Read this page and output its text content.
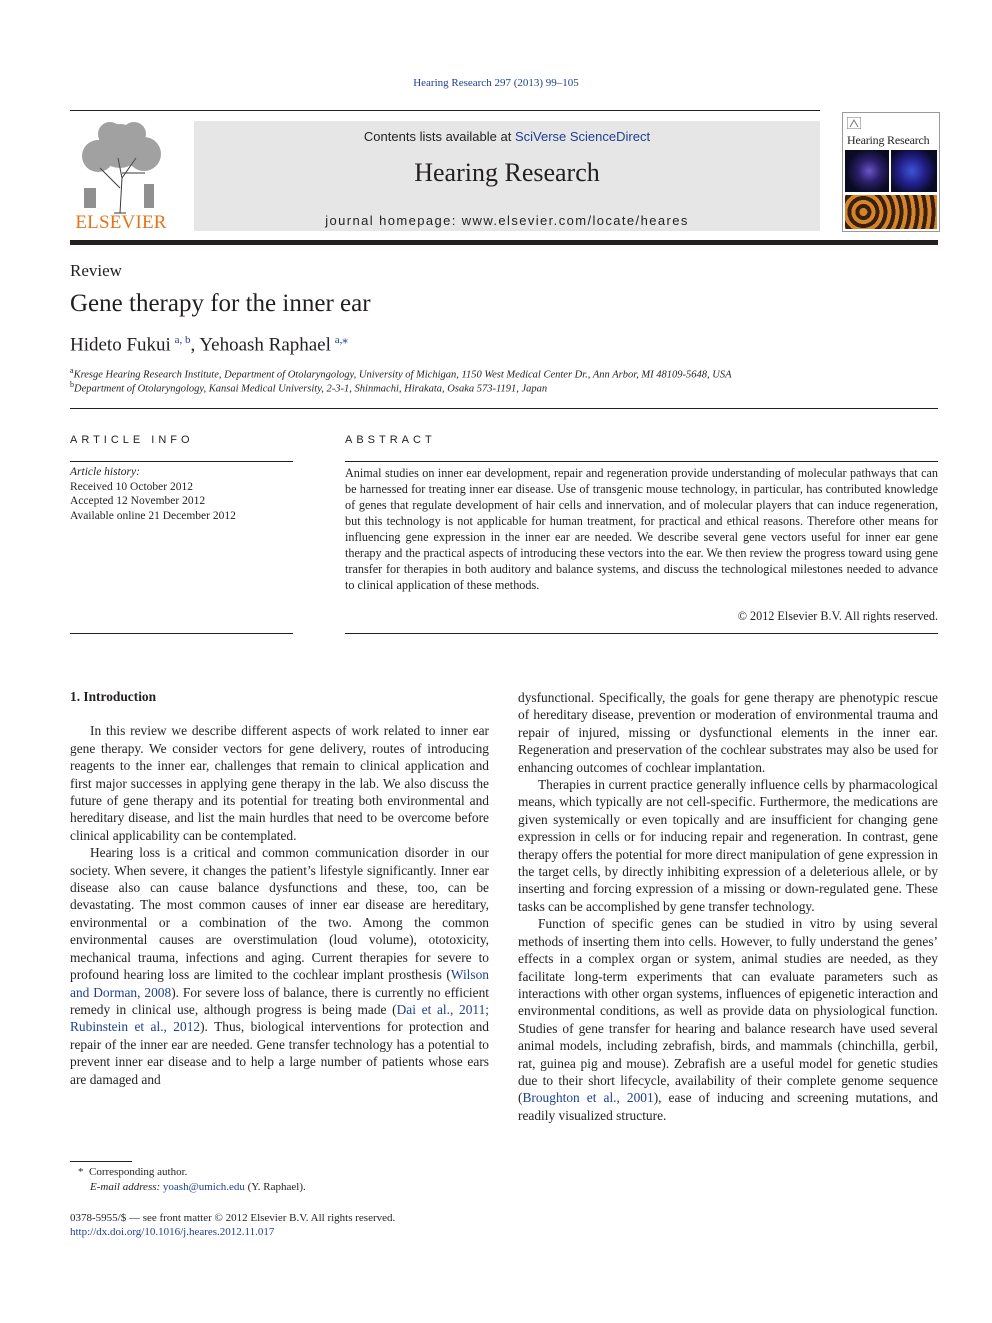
Hearing Research 297 (2013) 99–105
ELSEVIER
Contents lists available at SciVerse ScienceDirect
Hearing Research
journal homepage: www.elsevier.com/locate/heares
Hearing Research
Review
Gene therapy for the inner ear
Hideto Fukui  $^{a, b}$, Yehoash Raphael  $^{a,⁎}$
$^a$Kresge Hearing Research Institute, Department of Otolaryngology, University of Michigan, 1150 West Medical Center Dr., Ann Arbor, MI 48109-5648, USA
$^b$Department of Otolaryngology, Kansai Medical University, 2-3-1, Shinmachi, Hirakata, Osaka 573-1191, Japan
ARTICLE INFO
Article history:
Received 10 October 2012
Accepted 12 November 2012
Available online 21 December 2012
ABSTRACT

Animal studies on inner ear development, repair and regeneration provide understanding of molecular pathways that can be harnessed for treating inner ear disease. Use of transgenic mouse technology, in particular, has contributed knowledge of genes that regulate development of hair cells and innervation, and of molecular players that can induce regeneration, but this technology is not applicable for human treatment, for practical and ethical reasons. Therefore other means for influencing gene expression in the inner ear are needed. We describe several gene vectors useful for inner ear gene therapy and the practical aspects of introducing these vectors into the ear. We then review the progress toward using gene transfer for therapies in both auditory and balance systems, and discuss the technological milestones needed to advance to clinical application of these methods.

© 2012 Elsevier B.V. All rights reserved.

1. Introduction

In this review we describe different aspects of work related to inner ear gene therapy. We consider vectors for gene delivery, routes of introducing reagents to the inner ear, challenges that remain to clinical application and first major successes in applying gene therapy in the lab. We also discuss the future of gene therapy and its potential for treating both environmental and hereditary disease, and list the main hurdles that need to be overcome before clinical applicability can be contemplated.

Hearing loss is a critical and common communication disorder in our society. When severe, it changes the patient’s lifestyle significantly. Inner ear disease also can cause balance dysfunctions and these, too, can be devastating. The most common causes of inner ear disease are hereditary, environmental or a combination of the two. Among the common environmental causes are overstimulation (loud volume), ototoxicity, mechanical trauma, infections and aging. Current therapies for severe to profound hearing loss are limited to the cochlear implant prosthesis (Wilson and Dorman, 2008). For severe loss of balance, there is currently no efficient remedy in clinical use, although progress is being made (Dai et al., 2011; Rubinstein et al., 2012). Thus, biological interventions for protection and repair of the inner ear are needed. Gene transfer technology has a potential to prevent inner ear disease and to help a large number of patients whose ears are damaged and

dysfunctional. Specifically, the goals for gene therapy are phenotypic rescue of hereditary disease, prevention or moderation of environmental trauma and repair of injured, missing or dysfunctional elements in the inner ear. Regeneration and preservation of the cochlear substrates may also be used for enhancing outcomes of cochlear implantation.

Therapies in current practice generally influence cells by pharmacological means, which typically are not cell-specific. Furthermore, the medications are given systemically or even topically and are insufficient for changing gene expression in cells or for inducing repair and regeneration. In contrast, gene therapy offers the potential for more direct manipulation of gene expression in the target cells, by directly inhibiting expression of a deleterious allele, or by inserting and forcing expression of a missing or down-regulated gene. These tasks can be accomplished by gene transfer technology.

Function of specific genes can be studied in vitro by using several methods of inserting them into cells. However, to fully understand the genes’ effects in a complex organ or system, animal studies are needed, as they facilitate long-term experiments that can evaluate parameters such as interactions with other organ systems, influences of epigenetic interaction and environmental conditions, as well as provide data on physiological function. Studies of gene transfer for hearing and balance research have used several animal models, including zebrafish, birds, and mammals (chinchilla, gerbil, rat, guinea pig and mouse). Zebrafish are a useful model for genetic studies due to their short lifecycle, availability of their complete genome sequence (Broughton et al., 2001), ease of inducing and screening mutations, and readily visualized structure.

* Corresponding author.
E-mail address: yoash@umich.edu (Y. Raphael).
0378-5955/$ — see front matter © 2012 Elsevier B.V. All rights reserved.
http://dx.doi.org/10.1016/j.heares.2012.11.017
